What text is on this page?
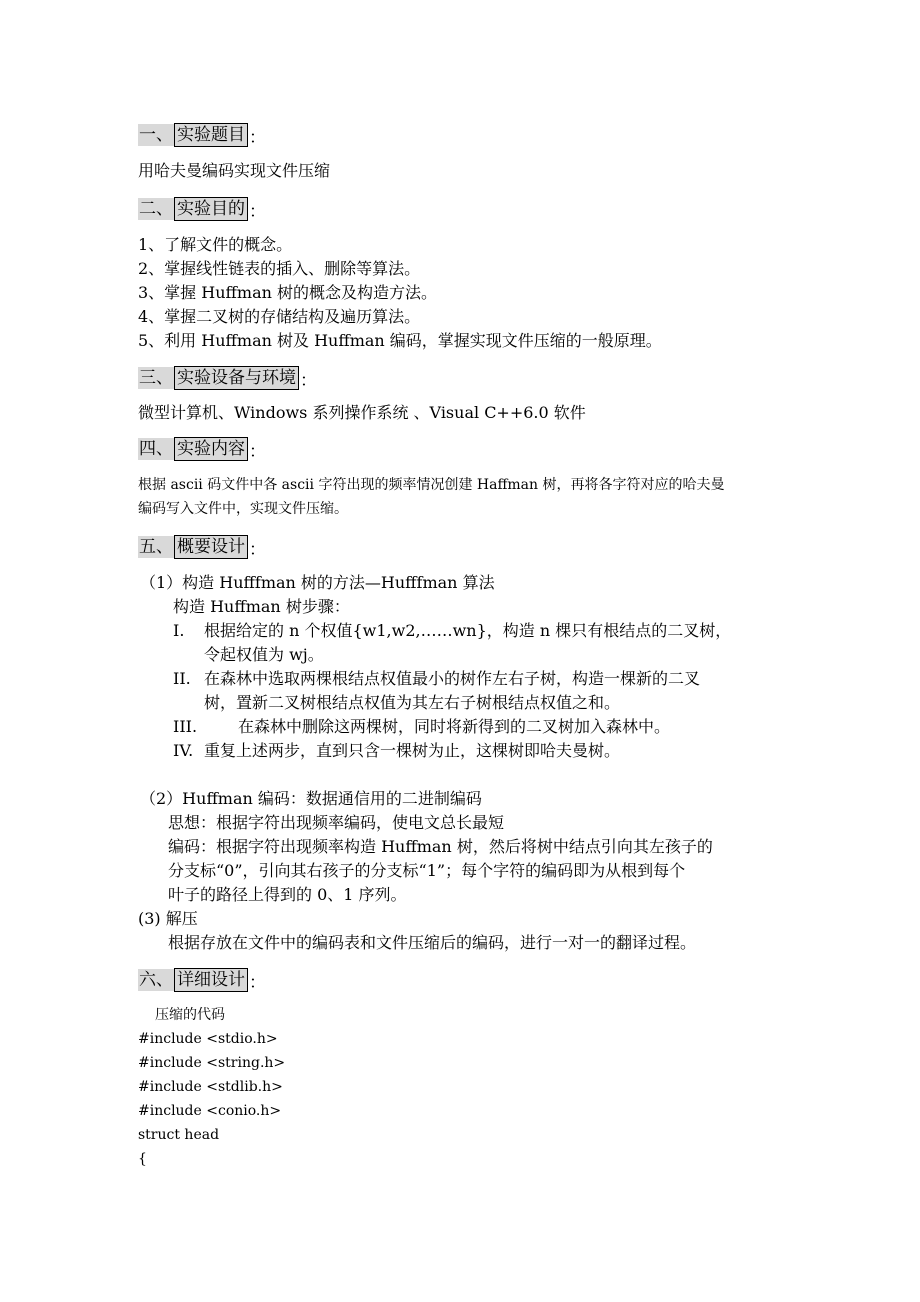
一、 实验题目 ：
用哈夫曼编码实现文件压缩
二、 实验目的 ：
1、了解文件的概念。
2、掌握线性链表的插入、删除等算法。
3、掌握 Huffman 树的概念及构造方法。
4、掌握二叉树的存储结构及遍历算法。
5、利用 Huffman 树及 Huffman 编码，掌握实现文件压缩的一般原理。
三、 实验设备与环境 ：
微型计算机、Windows 系列操作系统 、Visual C++6.0 软件
四、 实验内容 ：
根据 ascii 码文件中各 ascii 字符出现的频率情况创建 Haffman 树，再将各字符对应的哈夫曼
编码写入文件中，实现文件压缩。
五、 概要设计 ：
（1）构造 Hufffman 树的方法—Hufffman 算法
构造 Huffman 树步骤：
I. 根据给定的 n 个权值{w1,w2,……wn}，构造 n 棵只有根结点的二叉树，
令起权值为 wj。
II. 在森林中选取两棵根结点权值最小的树作左右子树，构造一棵新的二叉
树，置新二叉树根结点权值为其左右子树根结点权值之和。
III.	在森林中删除这两棵树，同时将新得到的二叉树加入森林中。
IV. 重复上述两步，直到只含一棵树为止，这棵树即哈夫曼树。
（2）Huffman 编码：数据通信用的二进制编码
思想：根据字符出现频率编码，使电文总长最短
编码：根据字符出现频率构造 Huffman 树，然后将树中结点引向其左孩子的
分支标“0”，引向其右孩子的分支标“1”；每个字符的编码即为从根到每个
叶子的路径上得到的 0、1 序列。
(3) 解压
根据存放在文件中的编码表和文件压缩后的编码，进行一对一的翻译过程。
六、 详细设计 ：
压缩的代码
#include <stdio.h>
#include <string.h>
#include <stdlib.h>
#include <conio.h>
struct head
{
